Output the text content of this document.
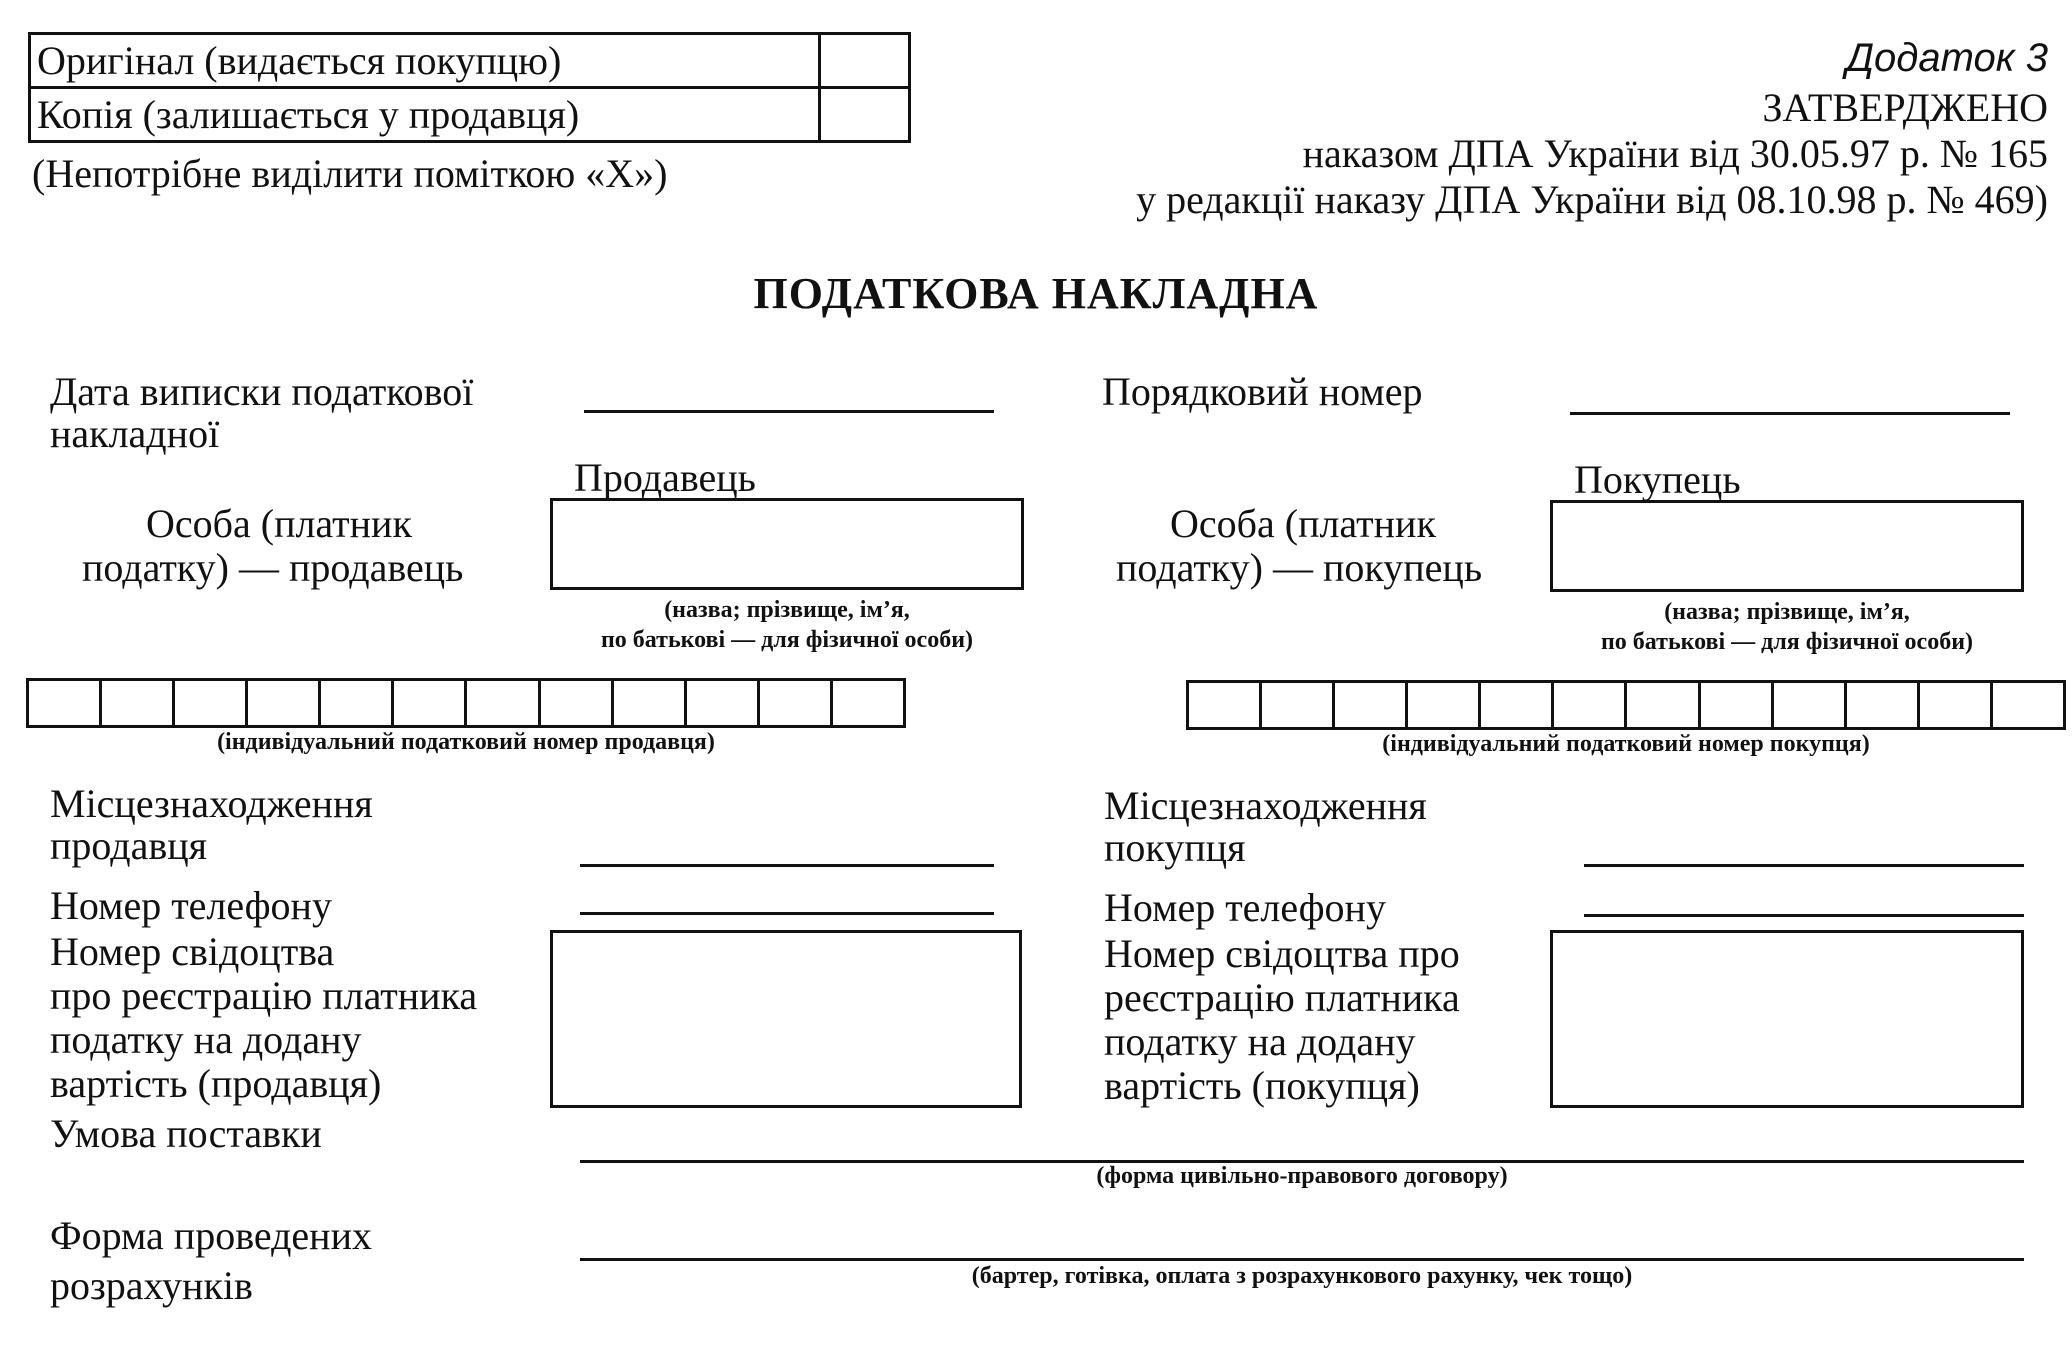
Оригінал (видається покупцю)	
Копія (залишається у продавця)	
(Непотрібне виділити поміткою «X»)
Додаток 3
ЗАТВЕРДЖЕНО
наказом ДПА України від 30.05.97 р. № 165
у редакції наказу ДПА України від 08.10.98 р. № 469)
ПОДАТКОВА НАКЛАДНА
Дата виписки податкової
накладної
Порядковий номер
Продавець
Особа (платник
податку) — продавець
(назва; прізвище, ім’я,
по батькові — для фізичної особи)
(індивідуальний податковий номер продавця)
Покупець
Особа (платник
податку) — покупець
(назва; прізвище, ім’я,
по батькові — для фізичної особи)
(індивідуальний податковий номер покупця)
Місцезнаходження
продавця
Місцезнаходження
покупця
Номер телефону	Номер телефону
Номер свідоцтва
про реєстрацію платника
податку на додану
вартість (продавця)
Номер свідоцтва про
реєстрацію платника
податку на додану
вартість (покупця)
Умова поставки
(форма цивільно-правового договору)
Форма проведених
розрахунків	(бартер, готівка, оплата з розрахункового рахунку, чек тощо)
